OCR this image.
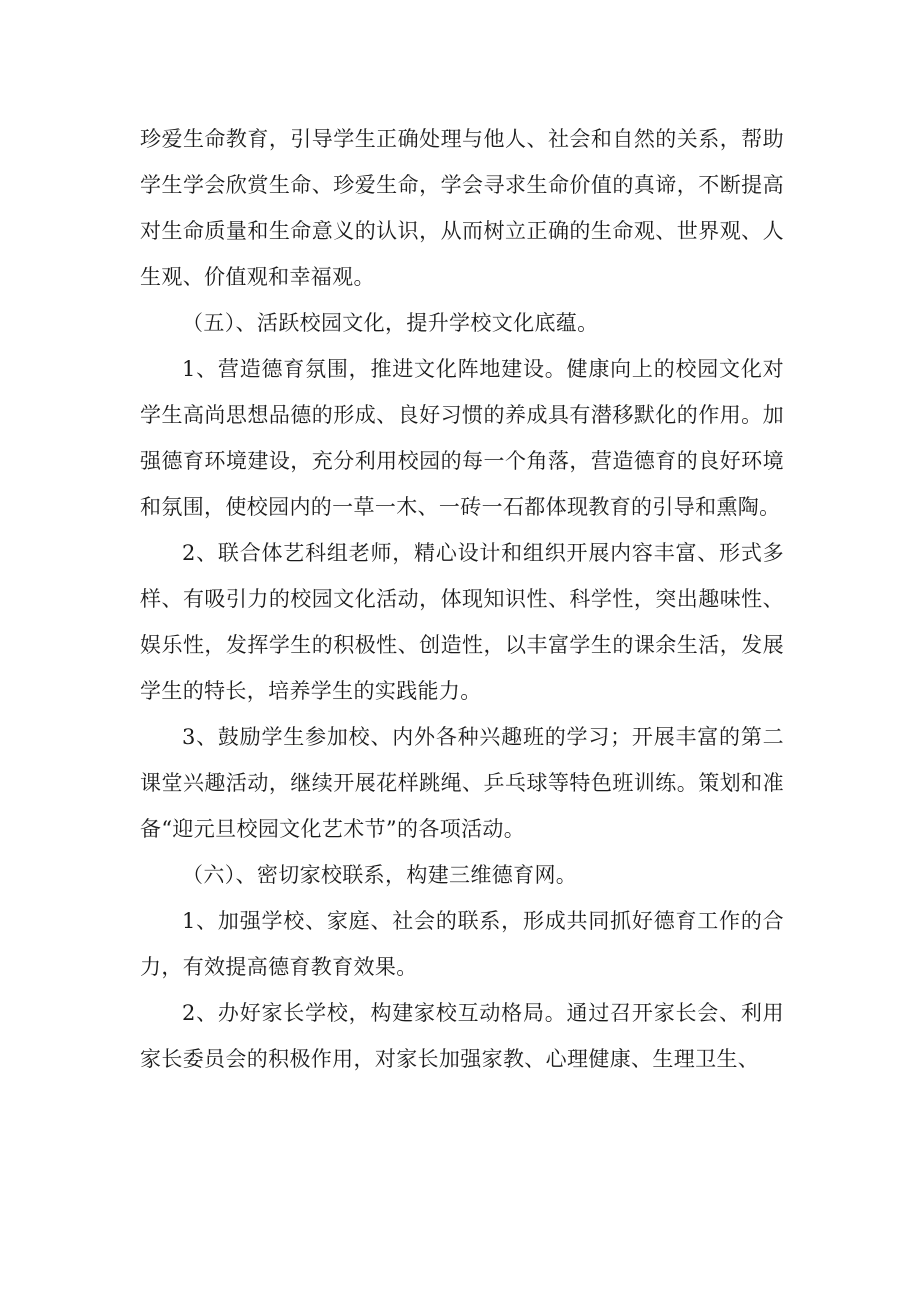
珍爱生命教育，引导学生正确处理与他人、社会和自然的关系，帮助学生学会欣赏生命、珍爱生命，学会寻求生命价值的真谛，不断提高对生命质量和生命意义的认识，从而树立正确的生命观、世界观、人生观、价值观和幸福观。

（五）、活跃校园文化，提升学校文化底蕴。

1、营造德育氛围，推进文化阵地建设。健康向上的校园文化对学生高尚思想品德的形成、良好习惯的养成具有潜移默化的作用。加强德育环境建设，充分利用校园的每一个角落，营造德育的良好环境和氛围，使校园内的一草一木、一砖一石都体现教育的引导和熏陶。

2、联合体艺科组老师，精心设计和组织开展内容丰富、形式多样、有吸引力的校园文化活动，体现知识性、科学性，突出趣味性、娱乐性，发挥学生的积极性、创造性，以丰富学生的课余生活，发展学生的特长，培养学生的实践能力。

3、鼓励学生参加校、内外各种兴趣班的学习；开展丰富的第二课堂兴趣活动，继续开展花样跳绳、乒乓球等特色班训练。策划和准备“迎元旦校园文化艺术节”的各项活动。

（六）、密切家校联系，构建三维德育网。

1、加强学校、家庭、社会的联系，形成共同抓好德育工作的合力，有效提高德育教育效果。

2、办好家长学校，构建家校互动格局。通过召开家长会、利用家长委员会的积极作用，对家长加强家教、心理健康、生理卫生、
